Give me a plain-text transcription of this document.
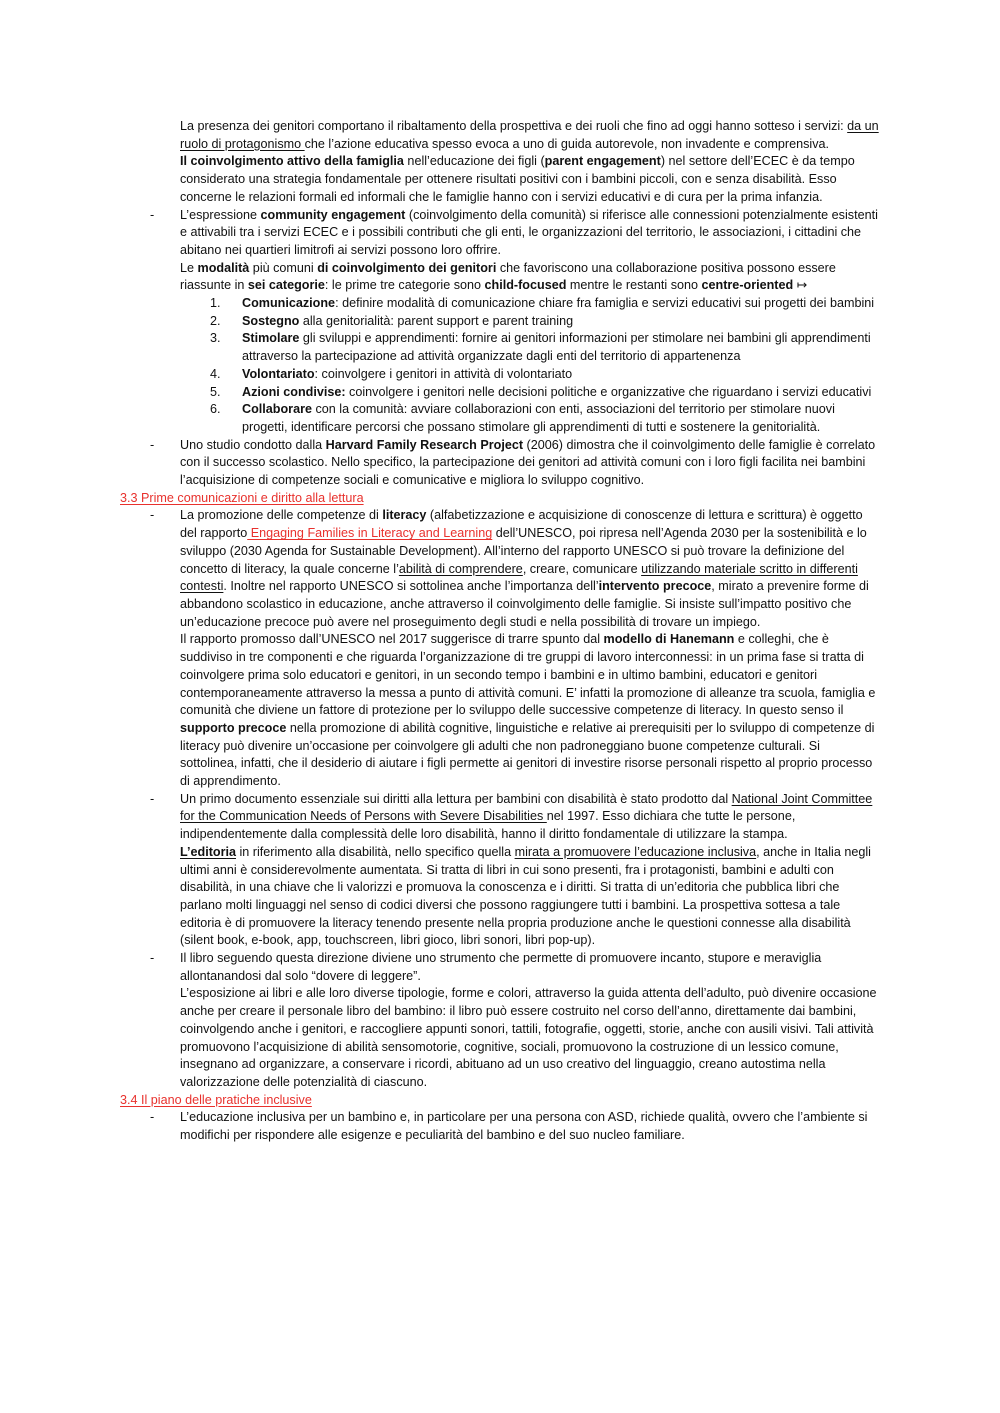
La presenza dei genitori comportano il ribaltamento della prospettiva e dei ruoli che fino ad oggi hanno sotteso i servizi: da un ruolo di protagonismo che l’azione educativa spesso evoca a uno di guida autorevole, non invadente e comprensiva.
Il coinvolgimento attivo della famiglia nell’educazione dei figli (parent engagement) nel settore dell’ECEC è da tempo considerato una strategia fondamentale per ottenere risultati positivi con i bambini piccoli, con e senza disabilità. Esso concerne le relazioni formali ed informali che le famiglie hanno con i servizi educativi e di cura per la prima infanzia.
- L’espressione community engagement (coinvolgimento della comunità) si riferisce alle connessioni potenzialmente esistenti e attivabili tra i servizi ECEC e i possibili contributi che gli enti, le organizzazioni del territorio, le associazioni, i cittadini che abitano nei quartieri limitrofi ai servizi possono loro offrire.
Le modalità più comuni di coinvolgimento dei genitori che favoriscono una collaborazione positiva possono essere riassunte in sei categorie: le prime tre categorie sono child-focused mentre le restanti sono centre-oriented ↦
1. Comunicazione: definire modalità di comunicazione chiare fra famiglia e servizi educativi sui progetti dei bambini
2. Sostegno alla genitorialità: parent support e parent training
3. Stimolare gli sviluppi e apprendimenti: fornire ai genitori informazioni per stimolare nei bambini gli apprendimenti attraverso la partecipazione ad attività organizzate dagli enti del territorio di appartenenza
4. Volontariato: coinvolgere i genitori in attività di volontariato
5. Azioni condivise: coinvolgere i genitori nelle decisioni politiche e organizzative che riguardano i servizi educativi
6. Collaborare con la comunità: avviare collaborazioni con enti, associazioni del territorio per stimolare nuovi progetti, identificare percorsi che possano stimolare gli apprendimenti di tutti e sostenere la genitorialità.
- Uno studio condotto dalla Harvard Family Research Project (2006) dimostra che il coinvolgimento delle famiglie è correlato con il successo scolastico. Nello specifico, la partecipazione dei genitori ad attività comuni con i loro figli facilita nei bambini l’acquisizione di competenze sociali e comunicative e migliora lo sviluppo cognitivo.
3.3 Prime comunicazioni e diritto alla lettura
- La promozione delle competenze di literacy (alfabetizzazione e acquisizione di conoscenze di lettura e scrittura) è oggetto del rapporto Engaging Families in Literacy and Learning dell’UNESCO, poi ripresa nell’Agenda 2030 per la sostenibilità e lo sviluppo (2030 Agenda for Sustainable Development). All’interno del rapporto UNESCO si può trovare la definizione del concetto di literacy, la quale concerne l’abilità di comprendere, creare, comunicare utilizzando materiale scritto in differenti contesti. Inoltre nel rapporto UNESCO si sottolinea anche l’importanza dell’intervento precoce, mirato a prevenire forme di abbandono scolastico in educazione, anche attraverso il coinvolgimento delle famiglie. Si insiste sull’impatto positivo che un’educazione precoce può avere nel proseguimento degli studi e nella possibilità di trovare un impiego.
Il rapporto promosso dall’UNESCO nel 2017 suggerisce di trarre spunto dal modello di Hanemann e colleghi, che è suddiviso in tre componenti e che riguarda l’organizzazione di tre gruppi di lavoro interconnessi: in un prima fase si tratta di coinvolgere prima solo educatori e genitori, in un secondo tempo i bambini e in ultimo bambini, educatori e genitori contemporaneamente attraverso la messa a punto di attività comuni. E’ infatti la promozione di alleanze tra scuola, famiglia e comunità che diviene un fattore di protezione per lo sviluppo delle successive competenze di literacy. In questo senso il supporto precoce nella promozione di abilità cognitive, linguistiche e relative ai prerequisiti per lo sviluppo di competenze di literacy può divenire un’occasione per coinvolgere gli adulti che non padroneggiano buone competenze culturali. Si sottolinea, infatti, che il desiderio di aiutare i figli permette ai genitori di investire risorse personali rispetto al proprio processo di apprendimento.
- Un primo documento essenziale sui diritti alla lettura per bambini con disabilità è stato prodotto dal National Joint Committee for the Communication Needs of Persons with Severe Disabilities nel 1997. Esso dichiara che tutte le persone, indipendentemente dalla complessità delle loro disabilità, hanno il diritto fondamentale di utilizzare la stampa.
L’editoria in riferimento alla disabilità, nello specifico quella mirata a promuovere l’educazione inclusiva, anche in Italia negli ultimi anni è considerevolmente aumentata. Si tratta di libri in cui sono presenti, fra i protagonisti, bambini e adulti con disabilità, in una chiave che li valorizzi e promuova la conoscenza e i diritti. Si tratta di un’editoria che pubblica libri che parlano molti linguaggi nel senso di codici diversi che possono raggiungere tutti i bambini. La prospettiva sottesa a tale editoria è di promuovere la literacy tenendo presente nella propria produzione anche le questioni connesse alla disabilità (silent book, e-book, app, touchscreen, libri gioco, libri sonori, libri pop-up).
- Il libro seguendo questa direzione diviene uno strumento che permette di promuovere incanto, stupore e meraviglia allontanandosi dal solo “dovere di leggere”.
L’esposizione ai libri e alle loro diverse tipologie, forme e colori, attraverso la guida attenta dell’adulto, può divenire occasione anche per creare il personale libro del bambino: il libro può essere costruito nel corso dell’anno, direttamente dai bambini, coinvolgendo anche i genitori, e raccogliere appunti sonori, tattili, fotografie, oggetti, storie, anche con ausili visivi. Tali attività promuovono l’acquisizione di abilità sensomotorie, cognitive, sociali, promuovono la costruzione di un lessico comune, insegnano ad organizzare, a conservare i ricordi, abituano ad un uso creativo del linguaggio, creano autostima nella valorizzazione delle potenzialità di ciascuno.
3.4 Il piano delle pratiche inclusive
- L’educazione inclusiva per un bambino e, in particolare per una persona con ASD, richiede qualità, ovvero che l’ambiente si modifichi per rispondere alle esigenze e peculiarità del bambino e del suo nucleo familiare.
